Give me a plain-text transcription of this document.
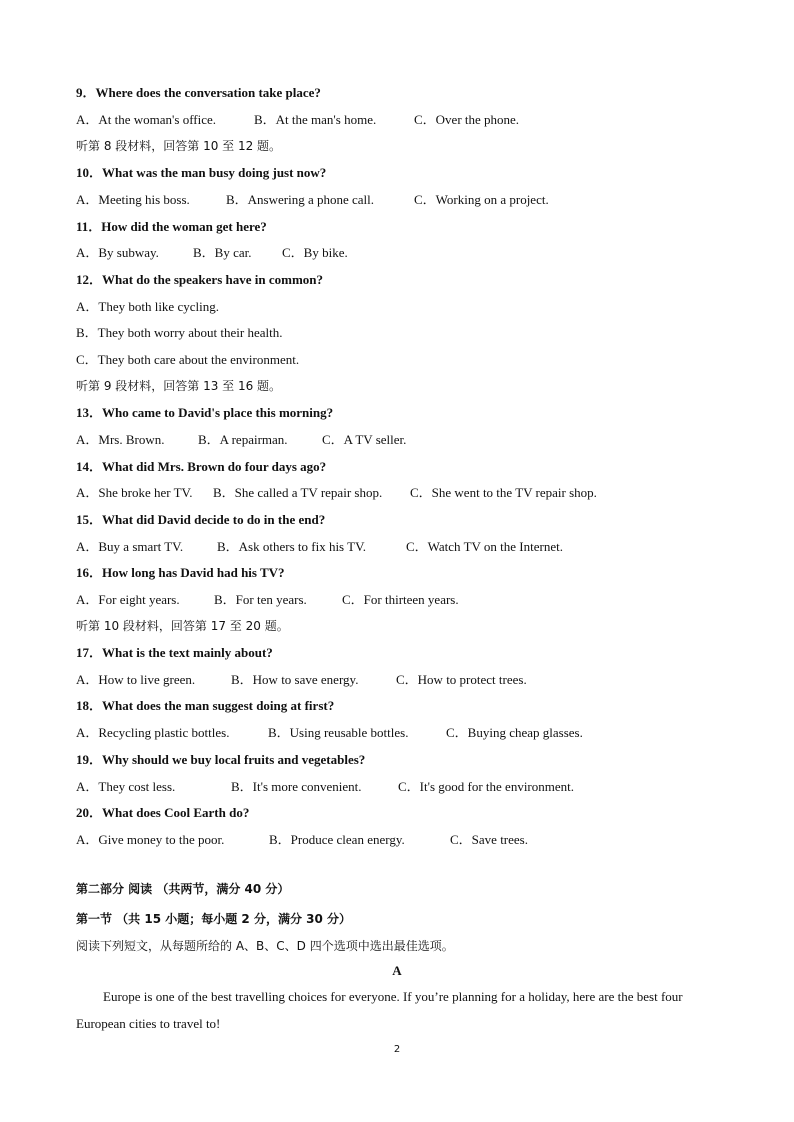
9．Where does the conversation take place?
A．At the woman's office.	B．At the man's home.	C．Over the phone.
听第 8 段材料，回答第 10 至 12 题。
10．What was the man busy doing just now?
A．Meeting his boss.	B．Answering a phone call.	C．Working on a project.
11．How did the woman get here?
A．By subway.	B．By car. C．By bike.
12．What do the speakers have in common?
A．They both like cycling.
B．They both worry about their health.
C．They both care about the environment.
听第 9 段材料，回答第 13 至 16 题。
13．Who came to David's place this morning?
A．Mrs. Brown.	B．A repairman.	C．A TV seller.
14．What did Mrs. Brown do four days ago?
A．She broke her TV. B．She called a TV repair shop. C．She went to the TV repair shop.
15．What did David decide to do in the end?
A．Buy a smart TV.	B．Ask others to fix his TV.	C．Watch TV on the Internet.
16．How long has David had his TV?
A．For eight years.	B．For ten years.	C．For thirteen years.
听第 10 段材料，回答第 17 至 20 题。
17．What is the text mainly about?
A．How to live green.	B．How to save energy.	C．How to protect trees.
18．What does the man suggest doing at first?
A．Recycling plastic bottles.	B．Using reusable bottles.	C．Buying cheap glasses.
19．Why should we buy local fruits and vegetables?
A．They cost less.	B．It's more convenient.	C．It's good for the environment.
20．What does Cool Earth do?
A．Give money to the poor.	B．Produce clean energy.	C．Save trees.
第二部分 阅读 （共两节，满分 40 分）
第一节 （共 15 小题；每小题 2 分，满分 30 分）
阅读下列短文，从每题所给的 A、B、C、D 四个选项中选出最佳选项。
A
Europe is one of the best travelling choices for everyone. If you’re planning for a holiday, here are the best four European cities to travel to!
2
